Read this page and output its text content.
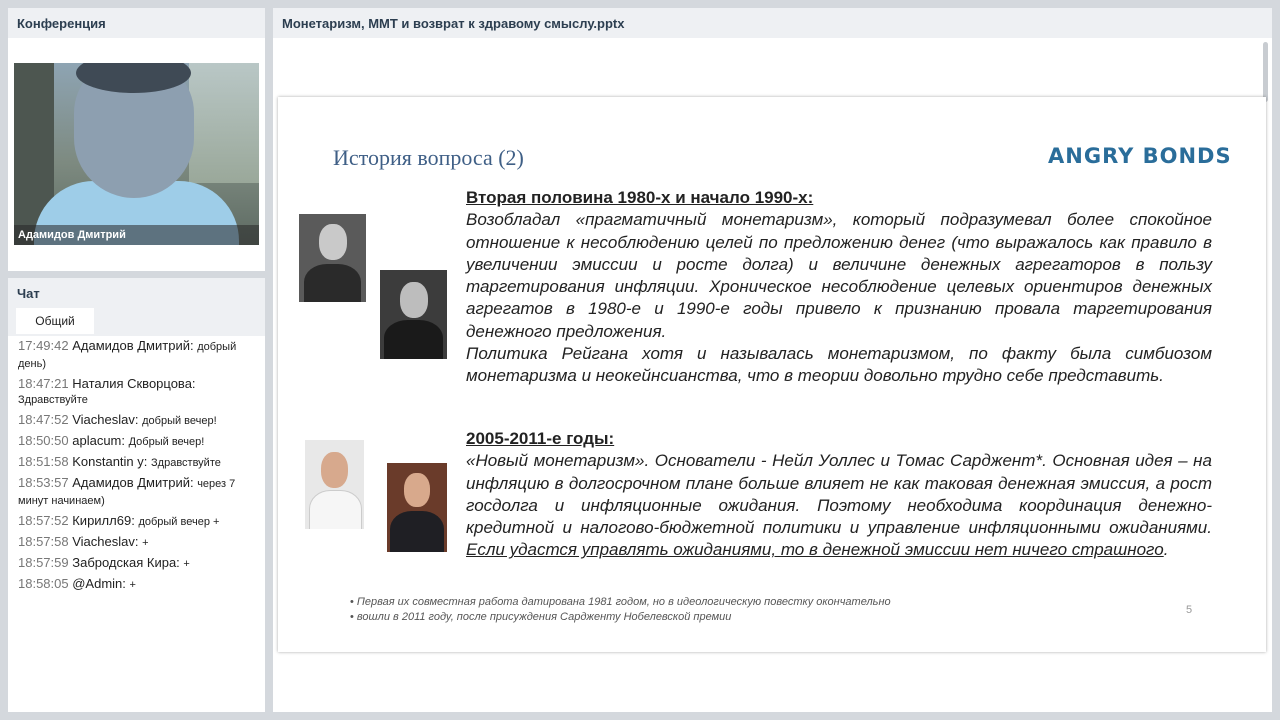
Конференция
Адамидов Дмитрий
Чат
Общий
17:49:42 Адамидов Дмитрий: добрый день)
18:47:21 Наталия Скворцова: Здравствуйте
18:47:52 Viacheslav: добрый вечер!
18:50:50 aplacum: Добрый вечер!
18:51:58 Konstantin y: Здравствуйте
18:53:57 Адамидов Дмитрий: через 7 минут начинаем)
18:57:52 Кирилл69: добрый вечер +
18:57:58 Viacheslav: +
18:57:59 Забродская Кира: +
18:58:05 @Admin: +
Монетаризм, ММТ и возврат к здравому смыслу.pptx
История вопроса (2)	ANGRY BONDS
Вторая половина 1980-х и начало 1990-х:
Возобладал «прагматичный монетаризм», который подразумевал более спокойное отношение к несоблюдению целей по предложению денег (что выражалось как правило в увеличении эмиссии и росте долга) и величине денежных агрегаторов в пользу таргетирования инфляции. Хроническое несоблюдение целевых ориентиров денежных агрегатов в 1980-е и 1990-е годы привело к признанию провала таргетирования денежного предложения.
Политика Рейгана хотя и называлась монетаризмом, по факту была симбиозом монетаризма и неокейнсианства, что в теории довольно трудно себе представить.
2005-2011-е годы:
«Новый монетаризм». Основатели - Нейл Уоллес и Томас Сарджент*. Основная идея – на инфляцию в долгосрочном плане больше влияет не как таковая денежная эмиссия, а рост госдолга и инфляционные ожидания. Поэтому необходима координация денежно-кредитной и налогово-бюджетной политики и управление инфляционными ожиданиями. Если удастся управлять ожиданиями, то в денежной эмиссии нет ничего страшного.
• Первая их совместная работа датирована 1981 годом, но в идеологическую повестку окончательно
• вошли в 2011 году, после присуждения Сардженту Нобелевской премии
5
